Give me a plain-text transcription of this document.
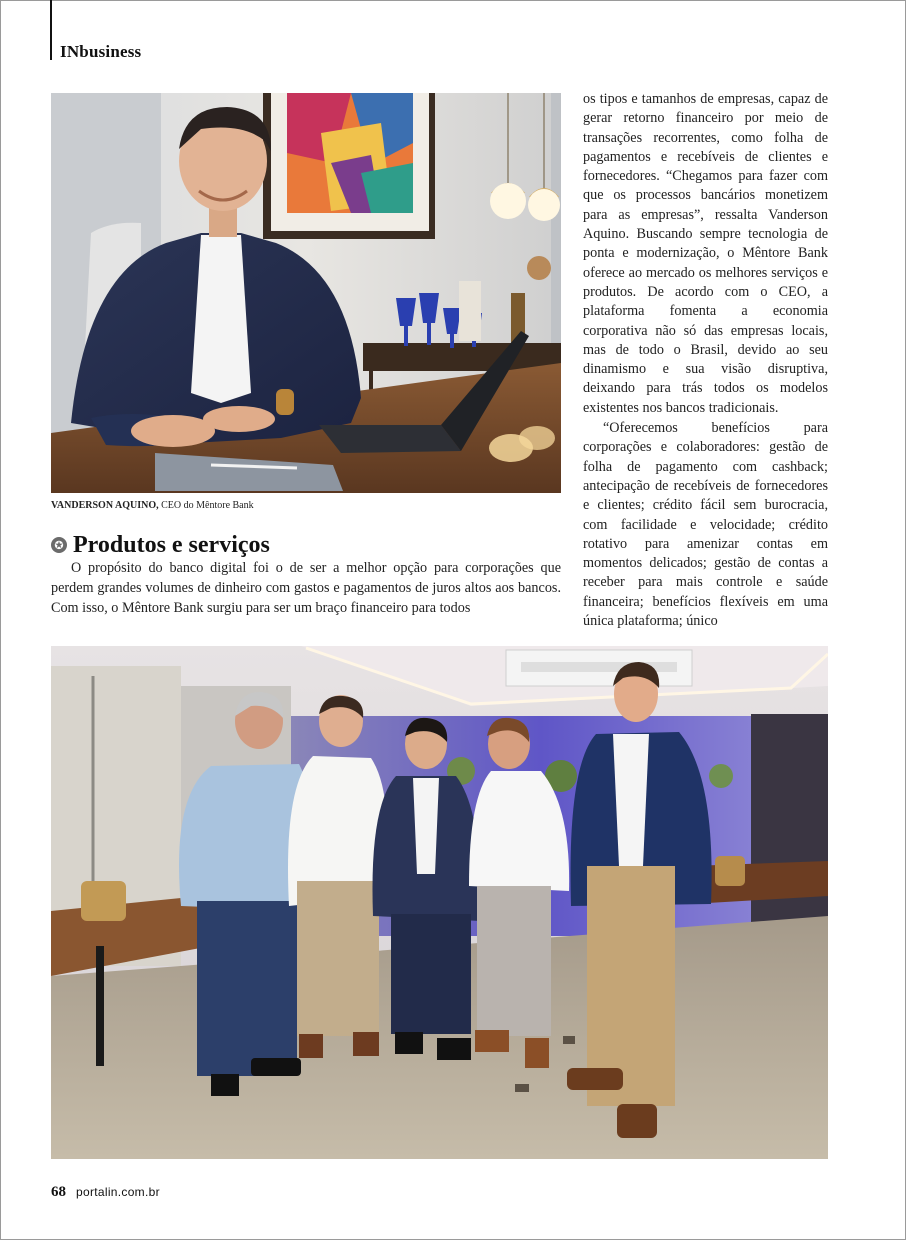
INbusiness
VANDERSON AQUINO, CEO do Mêntore Bank
✪ Produtos e serviços

O propósito do banco digital foi o de ser a melhor opção para corporações que perdem grandes volumes de dinheiro com gastos e pagamentos de juros altos aos bancos. Com isso, o Mêntore Bank surgiu para ser um braço financeiro para todos

os tipos e tamanhos de empresas, capaz de gerar retorno financeiro por meio de transações recorrentes, como folha de pagamentos e recebíveis de clientes e fornecedores. “Chegamos para fazer com que os processos bancários monetizem para as empresas”, ressalta Vanderson Aquino. Buscando sempre tecnologia de ponta e modernização, o Mêntore Bank oferece ao mercado os melhores serviços e produtos. De acordo com o CEO, a plataforma fomenta a economia corporativa não só das empresas locais, mas de todo o Brasil, devido ao seu dinamismo e sua visão disruptiva, deixando para trás todos os modelos existentes nos bancos tradicionais.

“Oferecemos benefícios para corporações e colaboradores: gestão de folha de pagamento com cashback; antecipação de recebíveis de fornecedores e clientes; crédito fácil sem burocracia, com facilidade e velocidade; crédito rotativo para amenizar contas em momentos delicados; gestão de contas a receber para mais controle e saúde financeira; benefícios flexíveis em uma única plataforma; único

68 portalin.com.br
